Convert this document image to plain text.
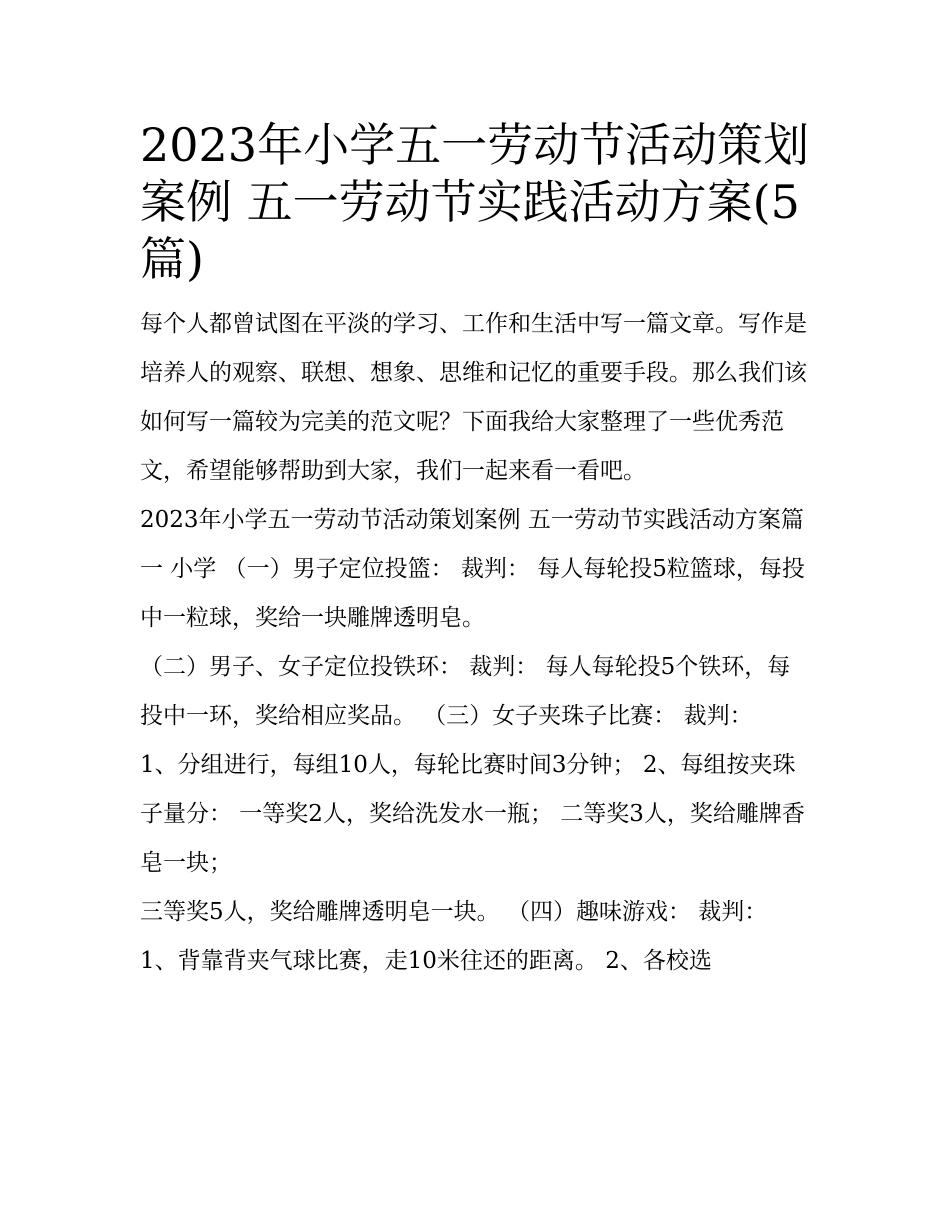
2023年小学五一劳动节活动策划案例 五一劳动节实践活动方案(5篇)

每个人都曾试图在平淡的学习、工作和生活中写一篇文章。写作是培养人的观察、联想、想象、思维和记忆的重要手段。那么我们该如何写一篇较为完美的范文呢？下面我给大家整理了一些优秀范文，希望能够帮助到大家，我们一起来看一看吧。

2023年小学五一劳动节活动策划案例 五一劳动节实践活动方案篇一 小学 （一）男子定位投篮： 裁判： 每人每轮投5粒篮球，每投中一粒球，奖给一块雕牌透明皂。

（二）男子、女子定位投铁环： 裁判： 每人每轮投5个铁环，每投中一环，奖给相应奖品。 （三）女子夹珠子比赛： 裁判：

1、分组进行，每组10人，每轮比赛时间3分钟； 2、每组按夹珠子量分： 一等奖2人，奖给洗发水一瓶； 二等奖3人，奖给雕牌香皂一块；

三等奖5人，奖给雕牌透明皂一块。 （四）趣味游戏： 裁判： 1、背靠背夹气球比赛，走10米往还的距离。 2、各校选
